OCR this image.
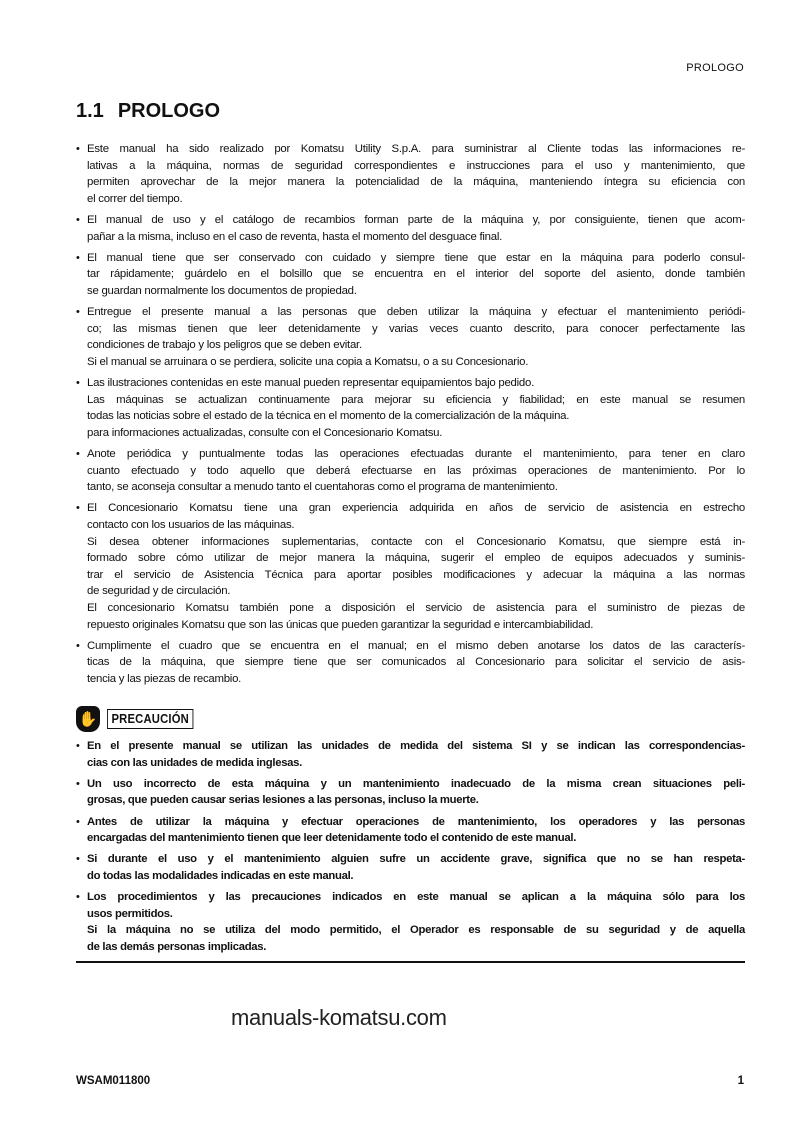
PROLOGO
1.1 PROLOGO
• Este manual ha sido realizado por Komatsu Utility S.p.A. para suministrar al Cliente todas las informaciones re-
lativas a la máquina, normas de seguridad correspondientes e instrucciones para el uso y mantenimiento, que
permiten aprovechar de la mejor manera la potencialidad de la máquina, manteniendo íntegra su eficiencia con
el correr del tiempo.
• El manual de uso y el catálogo de recambios forman parte de la máquina y, por consiguiente, tienen que acom-
pañar a la misma, incluso en el caso de reventa, hasta el momento del desguace final.
• El manual tiene que ser conservado con cuidado y siempre tiene que estar en la máquina para poderlo consul-
tar rápidamente; guárdelo en el bolsillo que se encuentra en el interior del soporte del asiento, donde también
se guardan normalmente los documentos de propiedad.
• Entregue el presente manual a las personas que deben utilizar la máquina y efectuar el mantenimiento periódi-
co; las mismas tienen que leer detenidamente y varias veces cuanto descrito, para conocer perfectamente las
condiciones de trabajo y los peligros que se deben evitar.
Si el manual se arruinara o se perdiera, solicite una copia a Komatsu, o a su Concesionario.
• Las ilustraciones contenidas en este manual pueden representar equipamientos bajo pedido.
Las máquinas se actualizan continuamente para mejorar su eficiencia y fiabilidad; en este manual se resumen
todas las noticias sobre el estado de la técnica en el momento de la comercialización de la máquina.
para informaciones actualizadas, consulte con el Concesionario Komatsu.
• Anote periódica y puntualmente todas las operaciones efectuadas durante el mantenimiento, para tener en claro
cuanto efectuado y todo aquello que deberá efectuarse en las próximas operaciones de mantenimiento. Por lo
tanto, se aconseja consultar a menudo tanto el cuentahoras como el programa de mantenimiento.
• El Concesionario Komatsu tiene una gran experiencia adquirida en años de servicio de asistencia en estrecho
contacto con los usuarios de las máquinas.
Si desea obtener informaciones suplementarias, contacte con el Concesionario Komatsu, que siempre está in-
formado sobre cómo utilizar de mejor manera la máquina, sugerir el empleo de equipos adecuados y suminis-
trar el servicio de Asistencia Técnica para aportar posibles modificaciones y adecuar la máquina a las normas
de seguridad y de circulación.
El concesionario Komatsu también pone a disposición el servicio de asistencia para el suministro de piezas de
repuesto originales Komatsu que son las únicas que pueden garantizar la seguridad e intercambiabilidad.
• Cumplimente el cuadro que se encuentra en el manual; en el mismo deben anotarse los datos de las caracterís-
ticas de la máquina, que siempre tiene que ser comunicados al Concesionario para solicitar el servicio de asis-
tencia y las piezas de recambio.
✋	PRECAUCIÓN
• En el presente manual se utilizan las unidades de medida del sistema SI y se indican las correspondencias-
cias con las unidades de medida inglesas.
• Un uso incorrecto de esta máquina y un mantenimiento inadecuado de la misma crean situaciones peli-
grosas, que pueden causar serias lesiones a las personas, incluso la muerte.
• Antes de utilizar la máquina y efectuar operaciones de mantenimiento, los operadores y las personas
encargadas del mantenimiento tienen que leer detenidamente todo el contenido de este manual.
• Si durante el uso y el mantenimiento alguien sufre un accidente grave, significa que no se han respeta-
do todas las modalidades indicadas en este manual.
• Los procedimientos y las precauciones indicados en este manual se aplican a la máquina sólo para los
usos permitidos.
Si la máquina no se utiliza del modo permitido, el Operador es responsable de su seguridad y de aquella
de las demás personas implicadas.
manuals-komatsu.com
WSAM011800	1
